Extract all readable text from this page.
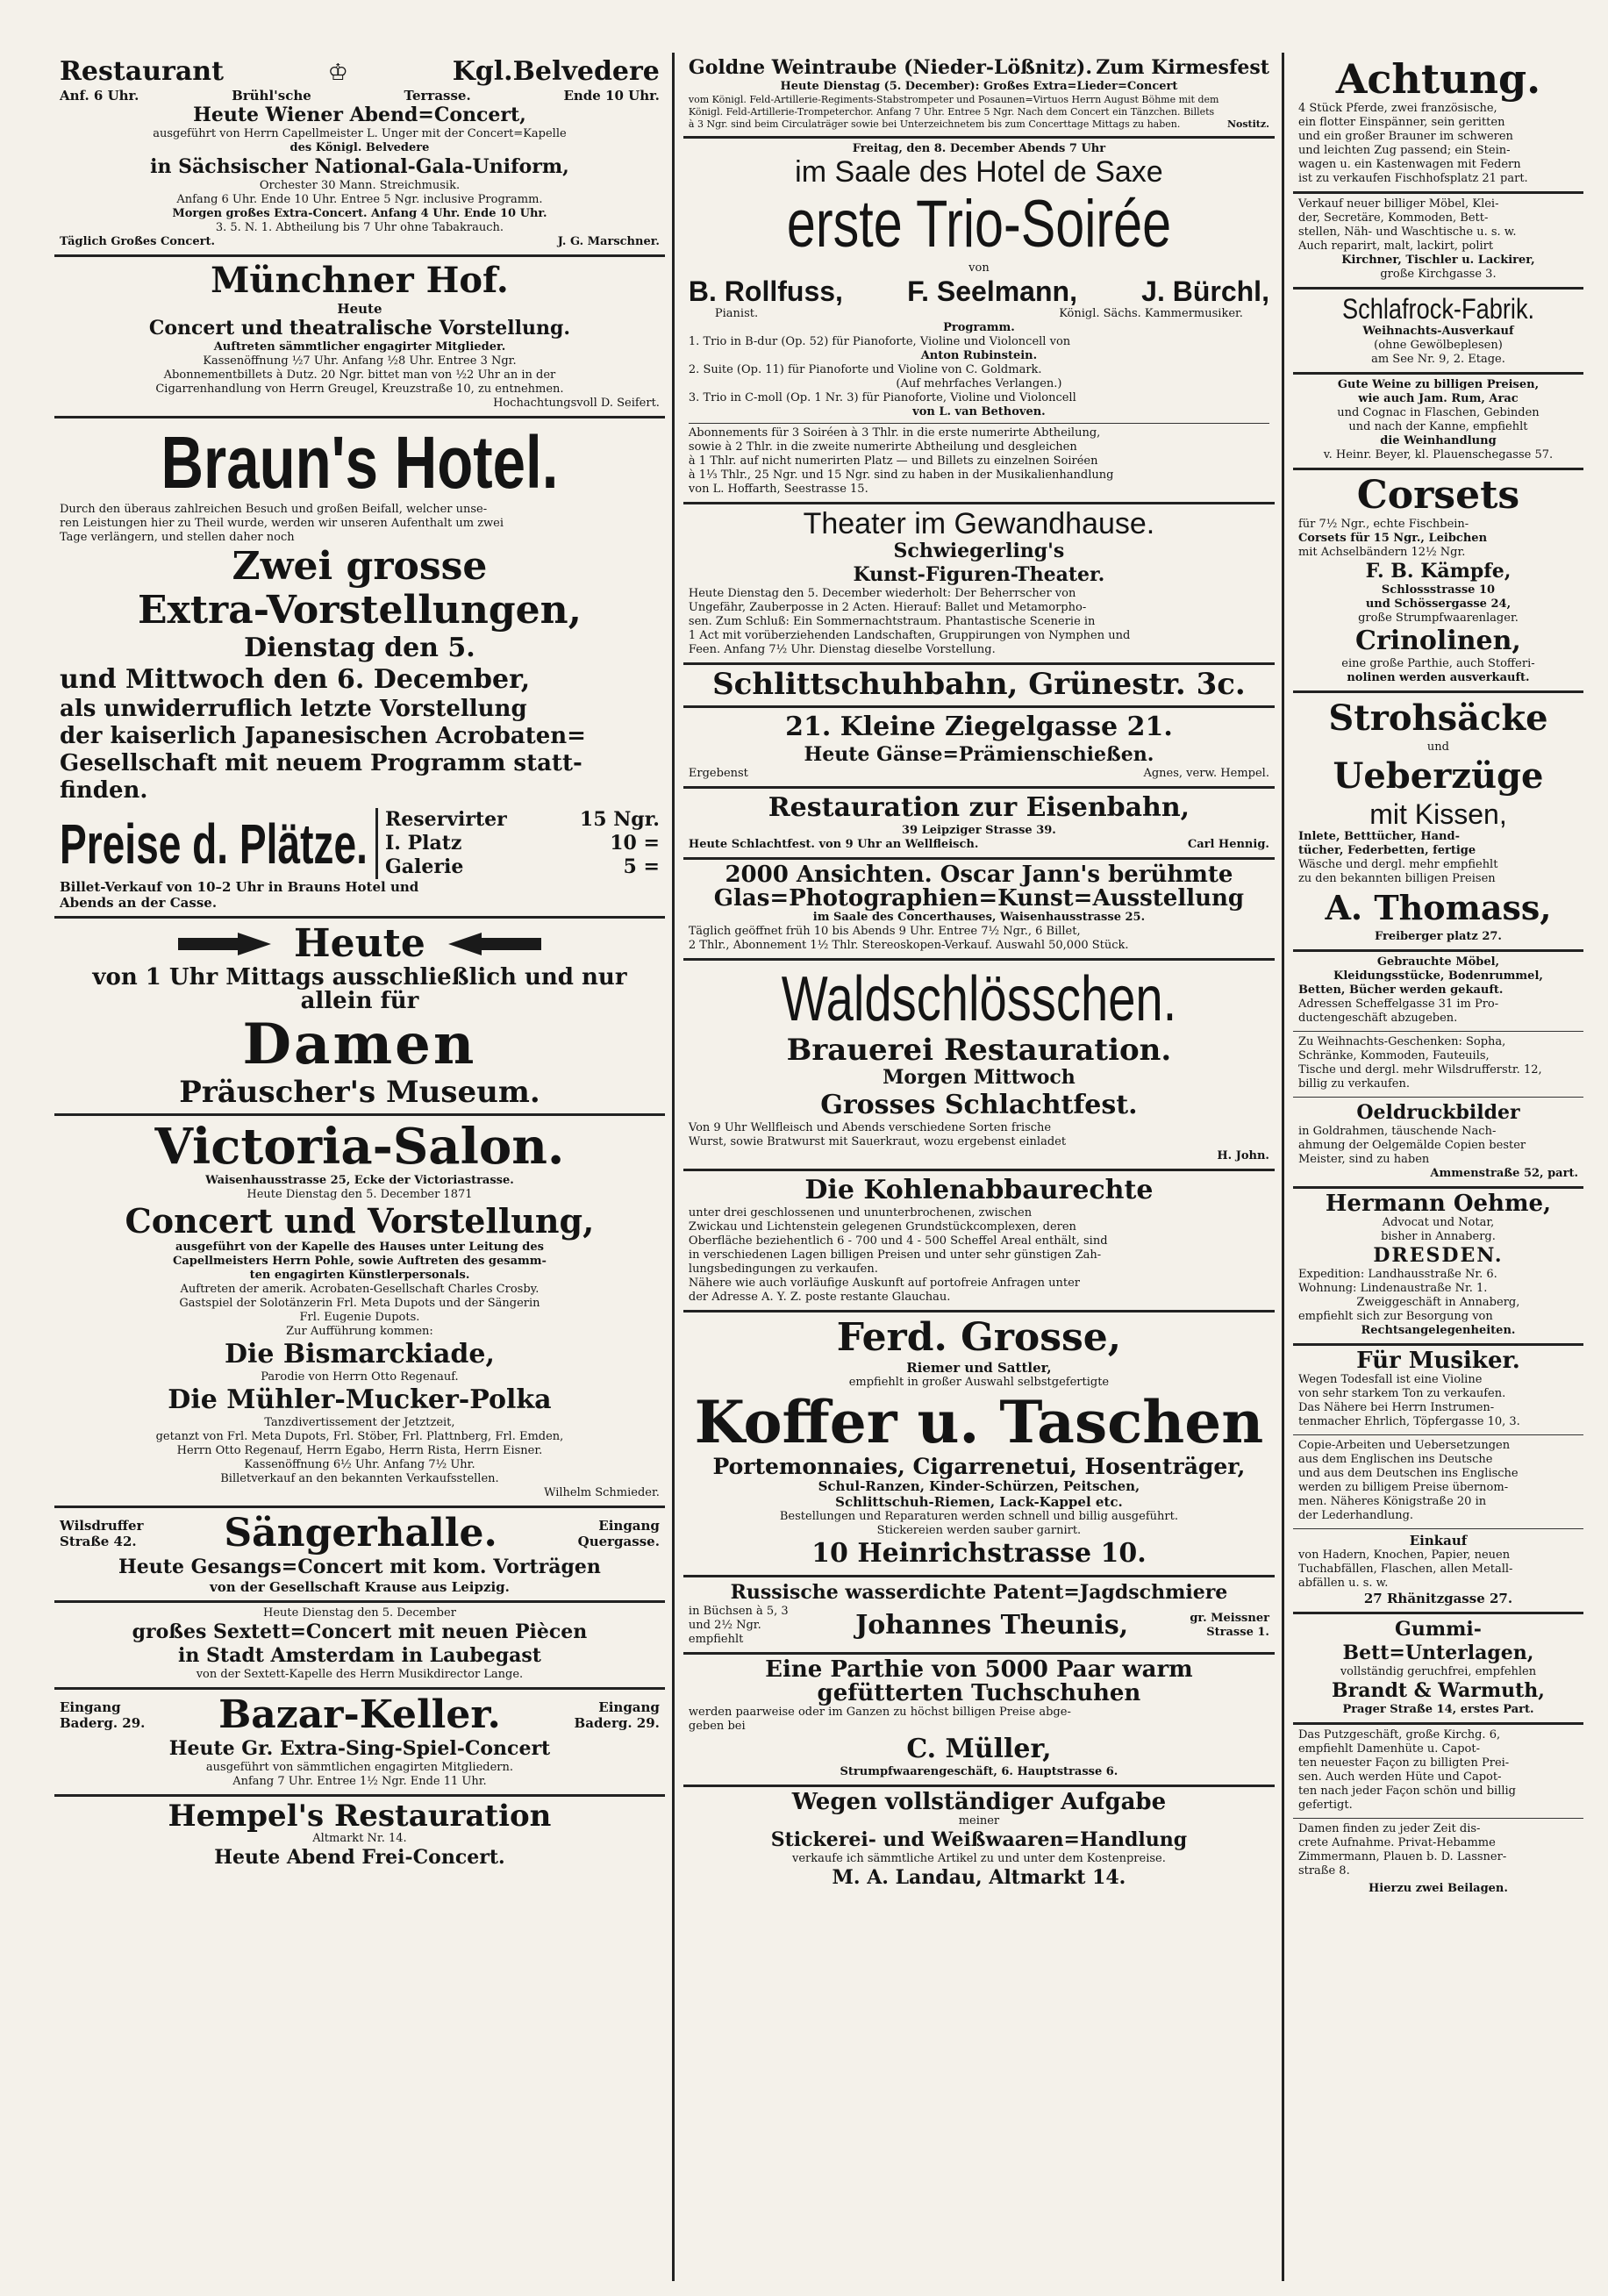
Restaurant	♔	Kgl.Belvedere
Anf. 6 Uhr.	Brühl'sche	Terrasse.	Ende 10 Uhr.
Heute Wiener Abend=Concert,
ausgeführt von Herrn Capellmeister L. Unger mit der Concert=Kapelle
des Königl. Belvedere
in Sächsischer National-Gala-Uniform,
Orchester 30 Mann. Streichmusik.
Anfang 6 Uhr. Ende 10 Uhr. Entree 5 Ngr. inclusive Programm.
Morgen großes Extra-Concert. Anfang 4 Uhr. Ende 10 Uhr.
3. 5. N. 1. Abtheilung bis 7 Uhr ohne Tabakrauch.
Täglich Großes Concert.	J. G. Marschner.
Münchner Hof.
Heute
Concert und theatralische Vorstellung.
Auftreten sämmtlicher engagirter Mitglieder.
Kassenöffnung ½7 Uhr. Anfang ½8 Uhr. Entree 3 Ngr.
Abonnementbillets à Dutz. 20 Ngr. bittet man von ½2 Uhr an in der
Cigarrenhandlung von Herrn Greugel, Kreuzstraße 10, zu entnehmen.
Hochachtungsvoll D. Seifert.
Braun's Hotel.
Durch den überaus zahlreichen Besuch und großen Beifall, welcher unse-
ren Leistungen hier zu Theil wurde, werden wir unseren Aufenthalt um zwei
Tage verlängern, und stellen daher noch
Zwei grosse
Extra-Vorstellungen,
Dienstag den 5.
und Mittwoch den 6. December,
als unwiderruflich letzte Vorstellung
der kaiserlich Japanesischen Acrobaten=
Gesellschaft mit neuem Programm statt-
finden.
Preise d. Plätze. Reservirter	15 Ngr.
I. Platz	10 =
Galerie	5 =
Billet-Verkauf von 10–2 Uhr in Brauns Hotel und
Abends an der Casse.
Heute
von 1 Uhr Mittags ausschließlich und nur
allein für
Damen
Präuscher's Museum.
Victoria-Salon.
Waisenhausstrasse 25, Ecke der Victoriastrasse.
Heute Dienstag den 5. December 1871
Concert und Vorstellung,
ausgeführt von der Kapelle des Hauses unter Leitung des
Capellmeisters Herrn Pohle, sowie Auftreten des gesamm-
ten engagirten Künstlerpersonals.
Auftreten der amerik. Acrobaten-Gesellschaft Charles Crosby.
Gastspiel der Solotänzerin Frl. Meta Dupots und der Sängerin
Frl. Eugenie Dupots.
Zur Aufführung kommen:
Die Bismarckiade,
Parodie von Herrn Otto Regenauf.
Die Mühler-Mucker-Polka
Tanzdivertissement der Jetztzeit,
getanzt von Frl. Meta Dupots, Frl. Stöber, Frl. Plattnberg, Frl. Emden,
Herrn Otto Regenauf, Herrn Egabo, Herrn Rista, Herrn Eisner.
Kassenöffnung 6½ Uhr. Anfang 7½ Uhr.
Billetverkauf an den bekannten Verkaufsstellen.
Wilhelm Schmieder.
Wilsdruffer
Straße 42. Sängerhalle.	Eingang
Quergasse.
Heute Gesangs=Concert mit kom. Vorträgen
von der Gesellschaft Krause aus Leipzig.
Heute Dienstag den 5. December
großes Sextett=Concert mit neuen Piècen
in Stadt Amsterdam in Laubegast
von der Sextett-Kapelle des Herrn Musikdirector Lange.
Eingang
Baderg. 29. Bazar-Keller.	Eingang
Baderg. 29.
Heute Gr. Extra-Sing-Spiel-Concert
ausgeführt von sämmtlichen engagirten Mitgliedern.
Anfang 7 Uhr. Entree 1½ Ngr. Ende 11 Uhr.
Hempel's Restauration
Altmarkt Nr. 14.
Heute Abend Frei-Concert.
Goldne Weintraube (Nieder-Lößnitz). Zum Kirmesfest
Heute Dienstag (5. December): Großes Extra=Lieder=Concert
vom Königl. Feld-Artillerie-Regiments-Stabstrompeter und Posaunen=Virtuos Herrn August Böhme mit dem
Königl. Feld-Artillerie-Trompeterchor. Anfang 7 Uhr. Entree 5 Ngr. Nach dem Concert ein Tänzchen. Billets
à 3 Ngr. sind beim Circulaträger sowie bei Unterzeichnetem bis zum Concerttage Mittags zu haben.	Nostitz.
Freitag, den 8. December Abends 7 Uhr
im Saale des Hotel de Saxe
erste Trio-Soirée
von
B. Rollfuss, F. Seelmann, J. Bürchl,
Pianist.	Königl. Sächs. Kammermusiker.
Programm.
1. Trio in B-dur (Op. 52) für Pianoforte, Violine und Violoncell von
Anton Rubinstein.
2. Suite (Op. 11) für Pianoforte und Violine von C. Goldmark.
(Auf mehrfaches Verlangen.)
3. Trio in C-moll (Op. 1 Nr. 3) für Pianoforte, Violine und Violoncell
von L. van Bethoven.
Abonnements für 3 Soiréen à 3 Thlr. in die erste numerirte Abtheilung,
sowie à 2 Thlr. in die zweite numerirte Abtheilung und desgleichen
à 1 Thlr. auf nicht numerirten Platz — und Billets zu einzelnen Soiréen
à 1⅓ Thlr., 25 Ngr. und 15 Ngr. sind zu haben in der Musikalienhandlung
von L. Hoffarth, Seestrasse 15.
Theater im Gewandhause.
Schwiegerling's
Kunst-Figuren-Theater.
Heute Dienstag den 5. December wiederholt: Der Beherrscher von
Ungefähr, Zauberposse in 2 Acten. Hierauf: Ballet und Metamorpho-
sen. Zum Schluß: Ein Sommernachtstraum. Phantastische Scenerie in
1 Act mit vorüberziehenden Landschaften, Gruppirungen von Nymphen und
Feen. Anfang 7½ Uhr. Dienstag dieselbe Vorstellung.
Schlittschuhbahn, Grünestr. 3c.
21. Kleine Ziegelgasse 21.
Heute Gänse=Prämienschießen.
Ergebenst	Agnes, verw. Hempel.
Restauration zur Eisenbahn,
39 Leipziger Strasse 39.
Heute Schlachtfest. von 9 Uhr an Wellfleisch.	Carl Hennig.
2000 Ansichten. Oscar Jann's berühmte
Glas=Photographien=Kunst=Ausstellung
im Saale des Concerthauses, Waisenhausstrasse 25.
Täglich geöffnet früh 10 bis Abends 9 Uhr. Entree 7½ Ngr., 6 Billet,
2 Thlr., Abonnement 1½ Thlr. Stereoskopen-Verkauf. Auswahl 50,000 Stück.
Waldschlösschen.
Brauerei Restauration.
Morgen Mittwoch
Grosses Schlachtfest.
Von 9 Uhr Wellfleisch und Abends verschiedene Sorten frische
Wurst, sowie Bratwurst mit Sauerkraut, wozu ergebenst einladet
H. John.
Die Kohlenabbaurechte
unter drei geschlossenen und ununterbrochenen, zwischen
Zwickau und Lichtenstein gelegenen Grundstückcomplexen, deren
Oberfläche beziehentlich 6 - 700 und 4 - 500 Scheffel Areal enthält, sind
in verschiedenen Lagen billigen Preisen und unter sehr günstigen Zah-
lungsbedingungen zu verkaufen.
Nähere wie auch vorläufige Auskunft auf portofreie Anfragen unter
der Adresse A. Y. Z. poste restante Glauchau.
Ferd. Grosse,
Riemer und Sattler,
empfiehlt in großer Auswahl selbstgefertigte
Koffer u. Taschen
Portemonnaies, Cigarrenetui, Hosenträger,
Schul-Ranzen, Kinder-Schürzen, Peitschen,
Schlittschuh-Riemen, Lack-Kappel etc.
Bestellungen und Reparaturen werden schnell und billig ausgeführt.
Stickereien werden sauber garnirt.
10 Heinrichstrasse 10.
Russische wasserdichte Patent=Jagdschmiere
in Büchsen à 5, 3 und 2½ Ngr. empfiehlt	Johannes Theunis,	gr. Meissner
Strasse 1.
Eine Parthie von 5000 Paar warm
gefütterten Tuchschuhen
werden paarweise oder im Ganzen zu höchst billigen Preise abge-
geben bei
C. Müller,
Strumpfwaarengeschäft, 6. Hauptstrasse 6.
Wegen vollständiger Aufgabe
meiner
Stickerei- und Weißwaaren=Handlung
verkaufe ich sämmtliche Artikel zu und unter dem Kostenpreise.
M. A. Landau, Altmarkt 14.
Achtung.
4 Stück Pferde, zwei französische,
ein flotter Einspänner, sein geritten
und ein großer Brauner im schweren
und leichten Zug passend; ein Stein-
wagen u. ein Kastenwagen mit Federn
ist zu verkaufen Fischhofsplatz 21 part.
Verkauf neuer billiger Möbel, Klei-
der, Secretäre, Kommoden, Bett-
stellen, Näh- und Waschtische u. s. w.
Auch reparirt, malt, lackirt, polirt
Kirchner, Tischler u. Lackirer,
große Kirchgasse 3.
Schlafrock-Fabrik.
Weihnachts-Ausverkauf
(ohne Gewölbeplesen)
am See Nr. 9, 2. Etage.
Gute Weine zu billigen Preisen,
wie auch Jam. Rum, Arac
und Cognac in Flaschen, Gebinden
und nach der Kanne, empfiehlt
die Weinhandlung
v. Heinr. Beyer, kl. Plauenschegasse 57.
Corsets
für 7½ Ngr., echte Fischbein-
Corsets für 15 Ngr., Leibchen
mit Achselbändern 12½ Ngr.
F. B. Kämpfe,
Schlossstrasse 10
und Schössergasse 24,
große Strumpfwaarenlager.
Crinolinen,
eine große Parthie, auch Stofferi-
nolinen werden ausverkauft.
Strohsäcke
und
Ueberzüge
mit Kissen,
Inlete, Betttücher, Hand-
tücher, Federbetten, fertige
Wäsche und dergl. mehr empfiehlt
zu den bekannten billigen Preisen
A. Thomass,
Freiberger platz 27.
Gebrauchte Möbel,
Kleidungsstücke, Bodenrummel,
Betten, Bücher werden gekauft.
Adressen Scheffelgasse 31 im Pro-
ductengeschäft abzugeben.
Zu Weihnachts-Geschenken: Sopha,
Schränke, Kommoden, Fauteuils,
Tische und dergl. mehr Wilsdrufferstr. 12,
billig zu verkaufen.
Oeldruckbilder
in Goldrahmen, täuschende Nach-
ahmung der Oelgemälde Copien bester
Meister, sind zu haben
Ammenstraße 52, part.
Hermann Oehme,
Advocat und Notar,
bisher in Annaberg.
DRESDEN.
Expedition: Landhausstraße Nr. 6.
Wohnung: Lindenaustraße Nr. 1.
Zweiggeschäft in Annaberg,
empfiehlt sich zur Besorgung von
Rechtsangelegenheiten.
Für Musiker.
Wegen Todesfall ist eine Violine
von sehr starkem Ton zu verkaufen.
Das Nähere bei Herrn Instrumen-
tenmacher Ehrlich, Töpfergasse 10, 3.
Copie-Arbeiten und Uebersetzungen
aus dem Englischen ins Deutsche
und aus dem Deutschen ins Englische
werden zu billigem Preise übernom-
men. Näheres Königstraße 20 in
der Lederhandlung.
Einkauf
von Hadern, Knochen, Papier, neuen
Tuchabfällen, Flaschen, allen Metall-
abfällen u. s. w.
27 Rhänitzgasse 27.
Gummi-
Bett=Unterlagen,
vollständig geruchfrei, empfehlen
Brandt & Warmuth,
Prager Straße 14, erstes Part.
Das Putzgeschäft, große Kirchg. 6,
empfiehlt Damenhüte u. Capot-
ten neuester Façon zu billigten Prei-
sen. Auch werden Hüte und Capot-
ten nach jeder Façon schön und billig
gefertigt.
Damen finden zu jeder Zeit dis-
crete Aufnahme. Privat-Hebamme
Zimmermann, Plauen b. D. Lassner-
straße 8.
Hierzu zwei Beilagen.
